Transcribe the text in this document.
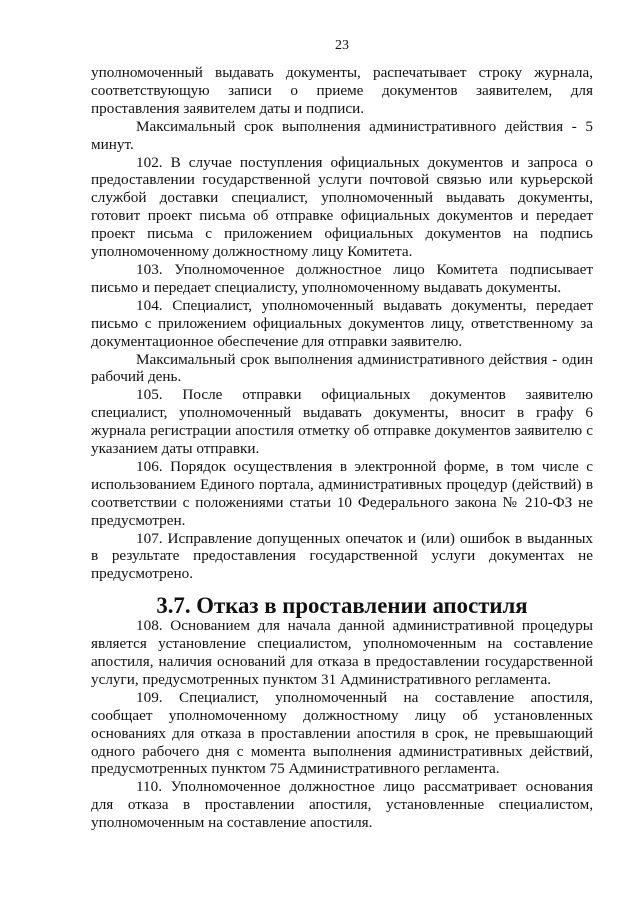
23

уполномоченный выдавать документы, распечатывает строку журнала, соответствующую записи о приеме документов заявителем, для проставления заявителем даты и подписи.

Максимальный срок выполнения административного действия - 5 минут.

102. В случае поступления официальных документов и запроса о предоставлении государственной услуги почтовой связью или курьерской службой доставки специалист, уполномоченный выдавать документы, готовит проект письма об отправке официальных документов и передает проект письма с приложением официальных документов на подпись уполномоченному должностному лицу Комитета.

103. Уполномоченное должностное лицо Комитета подписывает письмо и передает специалисту, уполномоченному выдавать документы.

104. Специалист, уполномоченный выдавать документы, передает письмо с приложением официальных документов лицу, ответственному за документационное обеспечение для отправки заявителю.

Максимальный срок выполнения административного действия - один рабочий день.

105. После отправки официальных документов заявителю специалист, уполномоченный выдавать документы, вносит в графу 6 журнала регистрации апостиля отметку об отправке документов заявителю с указанием даты отправки.

106. Порядок осуществления в электронной форме, в том числе с использованием Единого портала, административных процедур (действий) в соответствии с положениями статьи 10 Федерального закона № 210-ФЗ не предусмотрен.

107. Исправление допущенных опечаток и (или) ошибок в выданных в результате предоставления государственной услуги документах не предусмотрено.

3.7. Отказ в проставлении апостиля

108. Основанием для начала данной административной процедуры является установление специалистом, уполномоченным на составление апостиля, наличия оснований для отказа в предоставлении государственной услуги, предусмотренных пунктом 31 Административного регламента.

109. Специалист, уполномоченный на составление апостиля, сообщает уполномоченному должностному лицу об установленных основаниях для отказа в проставлении апостиля в срок, не превышающий одного рабочего дня с момента выполнения административных действий, предусмотренных пунктом 75 Административного регламента.

110. Уполномоченное должностное лицо рассматривает основания для отказа в проставлении апостиля, установленные специалистом, уполномоченным на составление апостиля.
